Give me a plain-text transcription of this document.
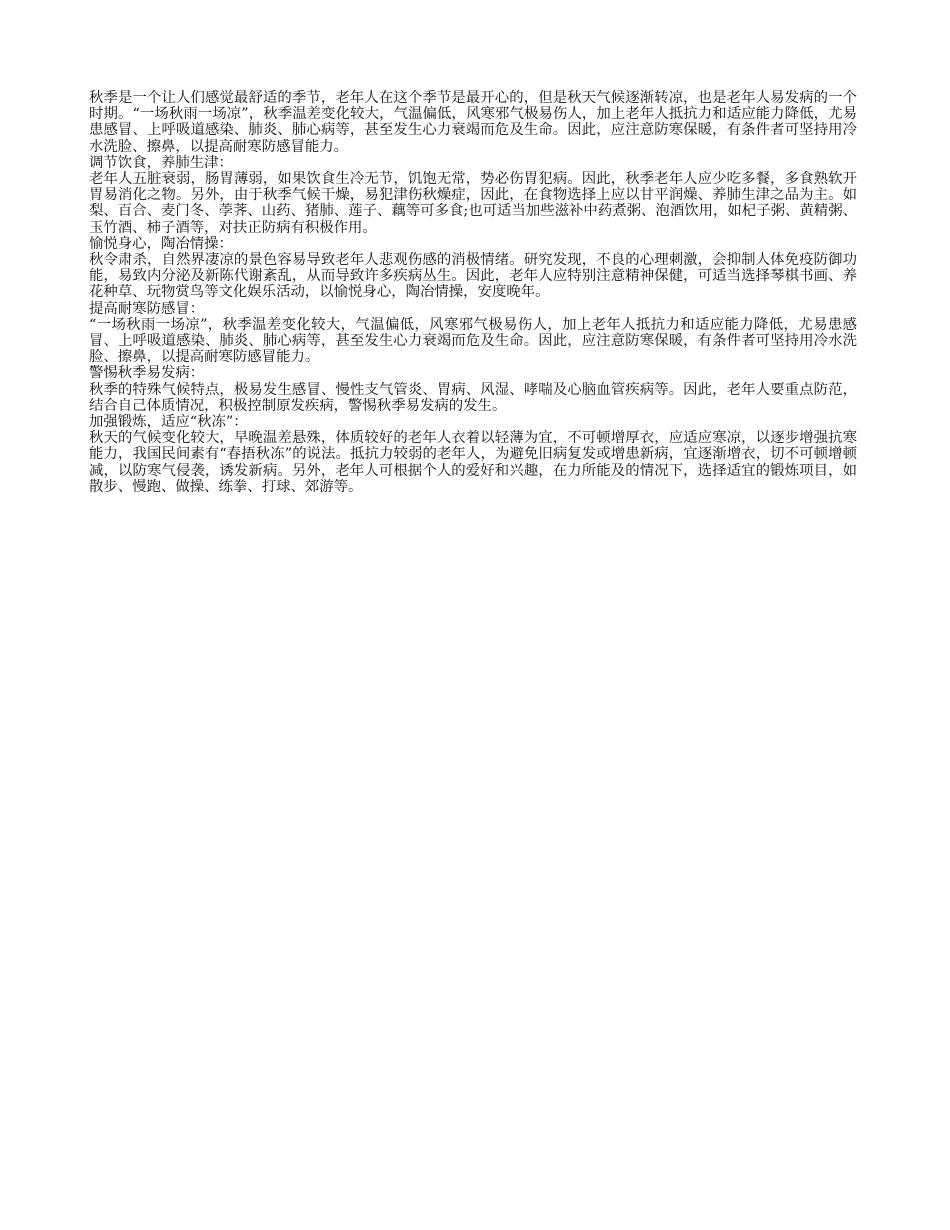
秋季是一个让人们感觉最舒适的季节，老年人在这个季节是最开心的，但是秋天气候逐渐转凉，也是老年人易发病的一个时期。“一场秋雨一场凉”，秋季温差变化较大，气温偏低，风寒邪气极易伤人，加上老年人抵抗力和适应能力降低，尤易患感冒、上呼吸道感染、肺炎、肺心病等，甚至发生心力衰竭而危及生命。因此，应注意防寒保暖，有条件者可坚持用冷水洗脸、擦鼻，以提高耐寒防感冒能力。

调节饮食，养肺生津：

老年人五脏衰弱，肠胃薄弱，如果饮食生冷无节，饥饱无常，势必伤胃犯病。因此，秋季老年人应少吃多餐，多食熟软开胃易消化之物。另外，由于秋季气候干燥，易犯津伤秋燥症，因此，在食物选择上应以甘平润燥、养肺生津之品为主。如梨、百合、麦门冬、荸荠、山药、猪肺、莲子、藕等可多食;也可适当加些滋补中药煮粥、泡酒饮用，如杞子粥、黄精粥、玉竹酒、柿子酒等，对扶正防病有积极作用。

愉悦身心，陶冶情操：

秋令肃杀，自然界凄凉的景色容易导致老年人悲观伤感的消极情绪。研究发现，不良的心理刺激，会抑制人体免疫防御功能，易致内分泌及新陈代谢紊乱，从而导致许多疾病丛生。因此，老年人应特别注意精神保健，可适当选择琴棋书画、养花种草、玩物赏鸟等文化娱乐活动，以愉悦身心，陶冶情操，安度晚年。

提高耐寒防感冒：

“一场秋雨一场凉”，秋季温差变化较大，气温偏低，风寒邪气极易伤人，加上老年人抵抗力和适应能力降低，尤易患感冒、上呼吸道感染、肺炎、肺心病等，甚至发生心力衰竭而危及生命。因此，应注意防寒保暖，有条件者可坚持用冷水洗脸、擦鼻，以提高耐寒防感冒能力。

警惕秋季易发病：

秋季的特殊气候特点，极易发生感冒、慢性支气管炎、胃病、风湿、哮喘及心脑血管疾病等。因此，老年人要重点防范，结合自己体质情况，积极控制原发疾病，警惕秋季易发病的发生。

加强锻炼，适应“秋冻”：

秋天的气候变化较大，早晚温差悬殊，体质较好的老年人衣着以轻薄为宜，不可顿增厚衣，应适应寒凉，以逐步增强抗寒能力，我国民间素有“春捂秋冻”的说法。抵抗力较弱的老年人，为避免旧病复发或增患新病，宜逐渐增衣，切不可顿增顿减，以防寒气侵袭，诱发新病。另外，老年人可根据个人的爱好和兴趣，在力所能及的情况下，选择适宜的锻炼项目，如散步、慢跑、做操、练拳、打球、郊游等。
